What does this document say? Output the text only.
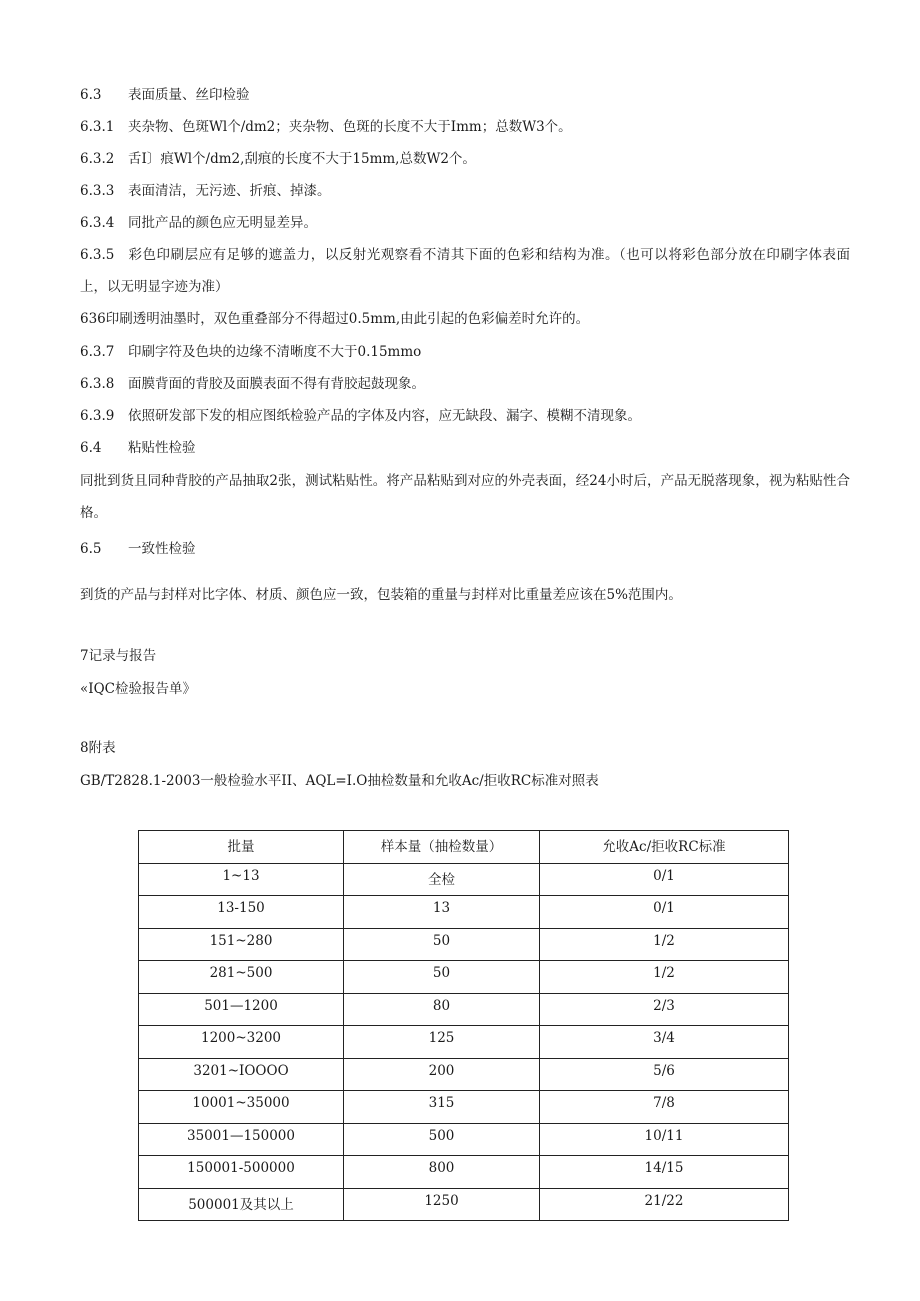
6.3 表面质量、丝印检验
6.3.1 夹杂物、色斑Wl个/dm2；夹杂物、色斑的长度不大于Imm；总数W3个。
6.3.2 舌I〕痕Wl个/dm2,刮痕的长度不大于15mm,总数W2个。
6.3.3 表面清洁，无污迹、折痕、掉漆。
6.3.4 同批产品的颜色应无明显差异。
6.3.5 彩色印刷层应有足够的遮盖力，以反射光观察看不清其下面的色彩和结构为准。（也可以将彩色部分放在印刷字体表面上，以无明显字迹为准）
636印刷透明油墨时，双色重叠部分不得超过0.5mm,由此引起的色彩偏差时允许的。
6.3.7 印刷字符及色块的边缘不清晰度不大于0.15mmo
6.3.8 面膜背面的背胶及面膜表面不得有背胶起鼓现象。
6.3.9 依照研发部下发的相应图纸检验产品的字体及内容，应无缺段、漏字、模糊不清现象。
6.4 粘贴性检验
同批到货且同种背胶的产品抽取2张，测试粘贴性。将产品粘贴到对应的外壳表面，经24小时后，产品无脱落现象，视为粘贴性合格。
6.5 一致性检验
到货的产品与封样对比字体、材质、颜色应一致，包装箱的重量与封样对比重量差应该在5%范围内。
7记录与报告
«IQC检验报告单》
8附表
GB/T2828.1-2003一般检验水平II、AQL=I.O抽检数量和允收Ac/拒收RC标准对照表
批量	样本量（抽检数量）	允收Ac/拒收RC标准
1~13	全检	0/1
13-150	13	0/1
151~280	50	1/2
281~500	50	1/2
501—1200	80	2/3
1200~3200	125	3/4
3201~IOOOO	200	5/6
10001~35000	315	7/8
35001—150000	500	10/11
150001-500000	800	14/15
500001及其以上	1250	21/22
